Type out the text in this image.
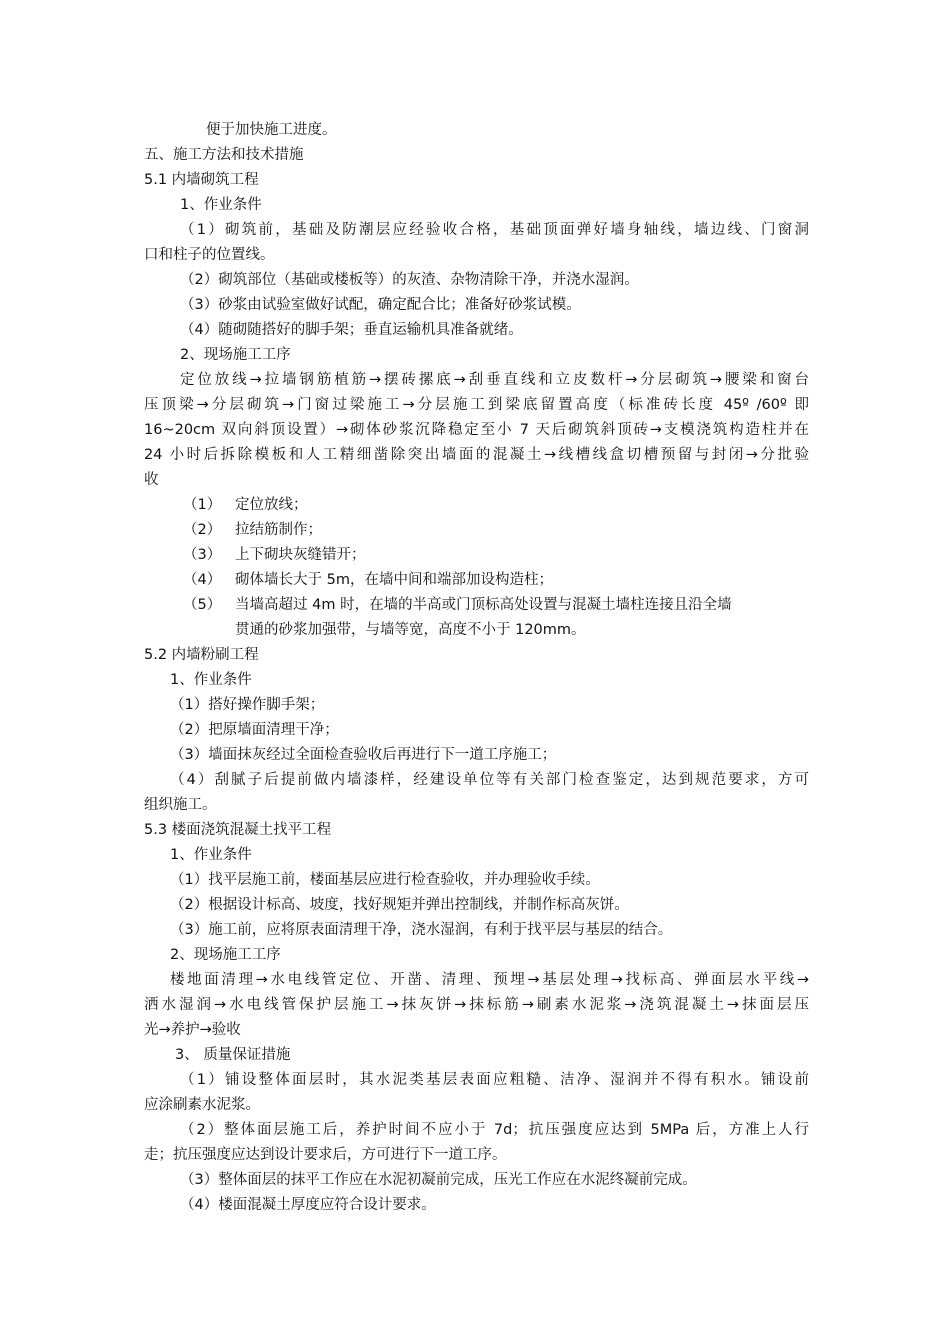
便于加快施工进度。
五、施工方法和技术措施
5.1 内墙砌筑工程
1、作业条件
（1）砌筑前，基础及防潮层应经验收合格，基础顶面弹好墙身轴线，墙边线、门窗洞
口和柱子的位置线。
（2）砌筑部位（基础或楼板等）的灰渣、杂物清除干净，并浇水湿润。
（3）砂浆由试验室做好试配，确定配合比；准备好砂浆试模。
（4）随砌随搭好的脚手架；垂直运输机具准备就绪。
2、现场施工工序
定位放线→拉墙钢筋植筋→摆砖摞底→刮垂直线和立皮数杆→分层砌筑→腰梁和窗台
压顶梁→分层砌筑→门窗过梁施工→分层施工到梁底留置高度（标准砖长度 45º /60º 即
16~20cm 双向斜顶设置）→砌体砂浆沉降稳定至小 7 天后砌筑斜顶砖→支模浇筑构造柱并在
24 小时后拆除模板和人工精细凿除突出墙面的混凝土→线槽线盒切槽预留与封闭→分批验
收
（1） 定位放线；
（2） 拉结筋制作；
（3） 上下砌块灰缝错开；
（4） 砌体墙长大于 5m，在墙中间和端部加设构造柱；
（5） 当墙高超过 4m 时，在墙的半高或门顶标高处设置与混凝土墙柱连接且沿全墙
贯通的砂浆加强带，与墙等宽，高度不小于 120mm。
5.2 内墙粉刷工程
1、作业条件
（1）搭好操作脚手架；
（2）把原墙面清理干净；
（3）墙面抹灰经过全面检查验收后再进行下一道工序施工；
（4）刮腻子后提前做内墙漆样，经建设单位等有关部门检查鉴定，达到规范要求，方可
组织施工。
5.3 楼面浇筑混凝土找平工程
1、作业条件
（1）找平层施工前，楼面基层应进行检查验收，并办理验收手续。
（2）根据设计标高、坡度，找好规矩并弹出控制线，并制作标高灰饼。
（3）施工前，应将原表面清理干净，浇水湿润，有利于找平层与基层的结合。
2、现场施工工序
楼地面清理→水电线管定位、开凿、清理、预埋→基层处理→找标高、弹面层水平线→
洒水湿润→水电线管保护层施工→抹灰饼→抹标筋→刷素水泥浆→浇筑混凝土→抹面层压
光→养护→验收
3、 质量保证措施
（1）铺设整体面层时，其水泥类基层表面应粗糙、洁净、湿润并不得有积水。铺设前
应涂刷素水泥浆。
（2）整体面层施工后，养护时间不应小于 7d；抗压强度应达到 5MPa 后，方准上人行
走；抗压强度应达到设计要求后，方可进行下一道工序。
（3）整体面层的抹平工作应在水泥初凝前完成，压光工作应在水泥终凝前完成。
（4）楼面混凝土厚度应符合设计要求。
